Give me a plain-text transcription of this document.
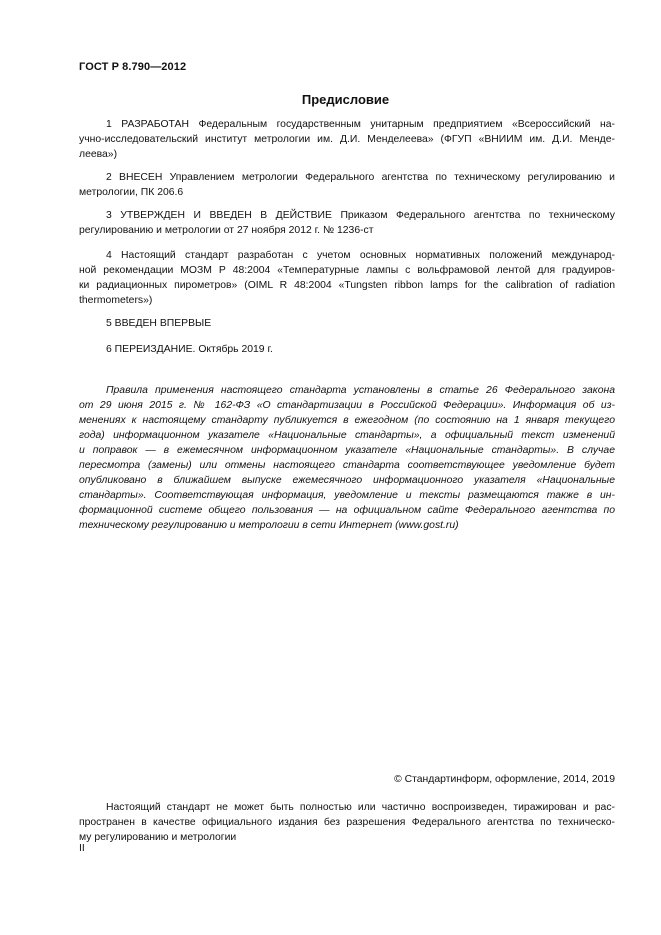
ГОСТ Р 8.790—2012
Предисловие

1 РАЗРАБОТАН Федеральным государственным унитарным предприятием «Всероссийский на-
учно-исследовательский институт метрологии им. Д.И. Менделеева» (ФГУП «ВНИИМ им. Д.И. Менде-
леева»)

2 ВНЕСЕН Управлением метрологии Федерального агентства по техническому регулированию и
метрологии, ПК 206.6

3 УТВЕРЖДЕН И ВВЕДЕН В ДЕЙСТВИЕ Приказом Федерального агентства по техническому
регулированию и метрологии от 27 ноября 2012 г. № 1236-ст

4 Настоящий стандарт разработан с учетом основных нормативных положений международ-
ной рекомендации МОЗМ Р 48:2004 «Температурные лампы с вольфрамовой лентой для градуиров-
ки радиационных пирометров» (OIML R 48:2004 «Tungsten ribbon lamps for the calibration of radiation
thermometers»)

5 ВВЕДЕН ВПЕРВЫЕ

6 ПЕРЕИЗДАНИЕ. Октябрь 2019 г.

Правила применения настоящего стандарта установлены в статье 26 Федерального закона
от 29 июня 2015 г. № 162-ФЗ «О стандартизации в Российской Федерации». Информация об из-
менениях к настоящему стандарту публикуется в ежегодном (по состоянию на 1 января текущего
года) информационном указателе «Национальные стандарты», а официальный текст изменений
и поправок — в ежемесячном информационном указателе «Национальные стандарты». В случае
пересмотра (замены) или отмены настоящего стандарта соответствующее уведомление будет
опубликовано в ближайшем выпуске ежемесячного информационного указателя «Национальные
стандарты». Соответствующая информация, уведомление и тексты размещаются также в ин-
формационной системе общего пользования — на официальном сайте Федерального агентства по
техническому регулированию и метрологии в сети Интернет (www.gost.ru)

© Стандартинформ, оформление, 2014, 2019

Настоящий стандарт не может быть полностью или частично воспроизведен, тиражирован и рас-
пространен в качестве официального издания без разрешения Федерального агентства по техническо-
му регулированию и метрологии

II
